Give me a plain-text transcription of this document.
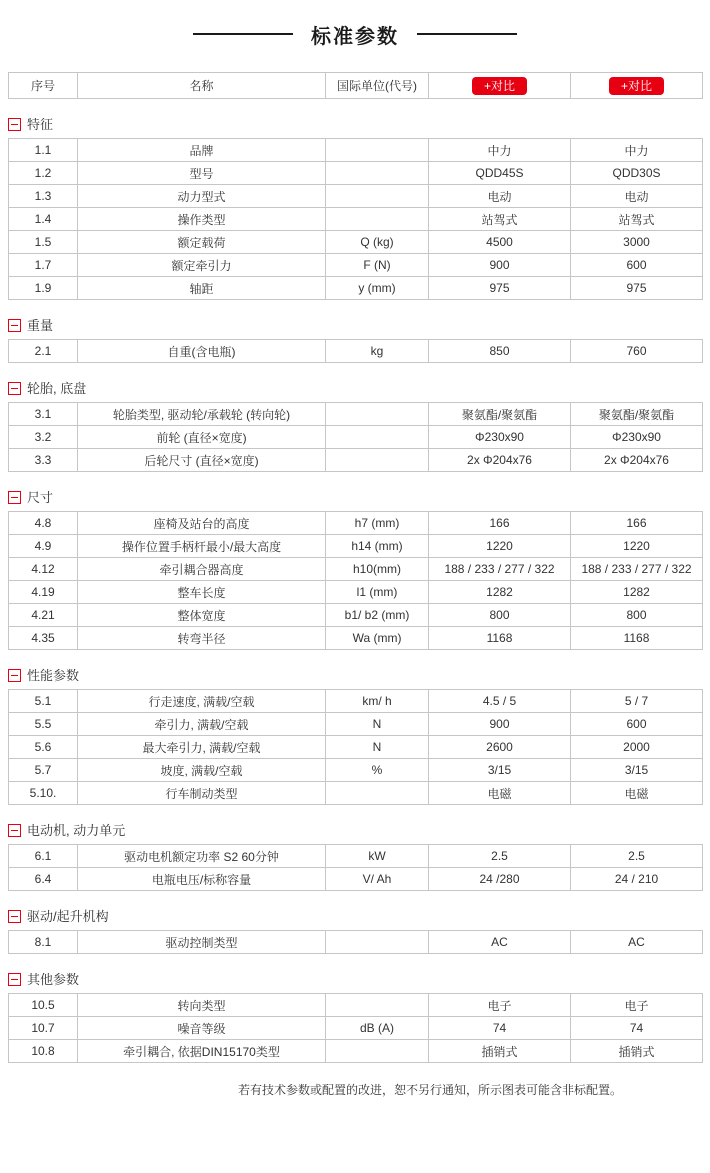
标准参数
序号	名称	国际单位(代号)	+对比	+对比
特征
1.1	品牌		中力	中力
1.2	型号		QDD45S	QDD30S
1.3	动力型式		电动	电动
1.4	操作类型		站驾式	站驾式
1.5	额定载荷	Q (kg)	4500	3000
1.7	额定牵引力	F (N)	900	600
1.9	轴距	y (mm)	975	975
重量
2.1	自重(含电瓶)	kg	850	760
轮胎, 底盘
3.1	轮胎类型, 驱动轮/承载轮 (转向轮)		聚氨酯/聚氨酯	聚氨酯/聚氨酯
3.2	前轮 (直径×宽度)		Φ230x90	Φ230x90
3.3	后轮尺寸 (直径×宽度)		2x Φ204x76	2x Φ204x76
尺寸
4.8	座椅及站台的高度	h7 (mm)	166	166
4.9	操作位置手柄杆最小/最大高度	h14 (mm)	1220	1220
4.12	牵引耦合器高度	h10(mm)	188 / 233 / 277 / 322	188 / 233 / 277 / 322
4.19	整车长度	l1 (mm)	1282	1282
4.21	整体宽度	b1/ b2 (mm)	800	800
4.35	转弯半径	Wa (mm)	1168	1168
性能参数
5.1	行走速度, 满载/空载	km/ h	4.5 / 5	5 / 7
5.5	牵引力, 满载/空载	N	900	600
5.6	最大牵引力, 满载/空载	N	2600	2000
5.7	坡度, 满载/空载	%	3/15	3/15
5.10.	行车制动类型		电磁	电磁
电动机, 动力单元
6.1	驱动电机额定功率 S2 60分钟	kW	2.5	2.5
6.4	电瓶电压/标称容量	V/ Ah	24 /280	24 / 210
驱动/起升机构
8.1	驱动控制类型		AC	AC
其他参数
10.5	转向类型		电子	电子
10.7	噪音等级	dB (A)	74	74
10.8	牵引耦合, 依据DIN15170类型		插销式	插销式
若有技术参数或配置的改进，恕不另行通知，所示图表可能含非标配置。
